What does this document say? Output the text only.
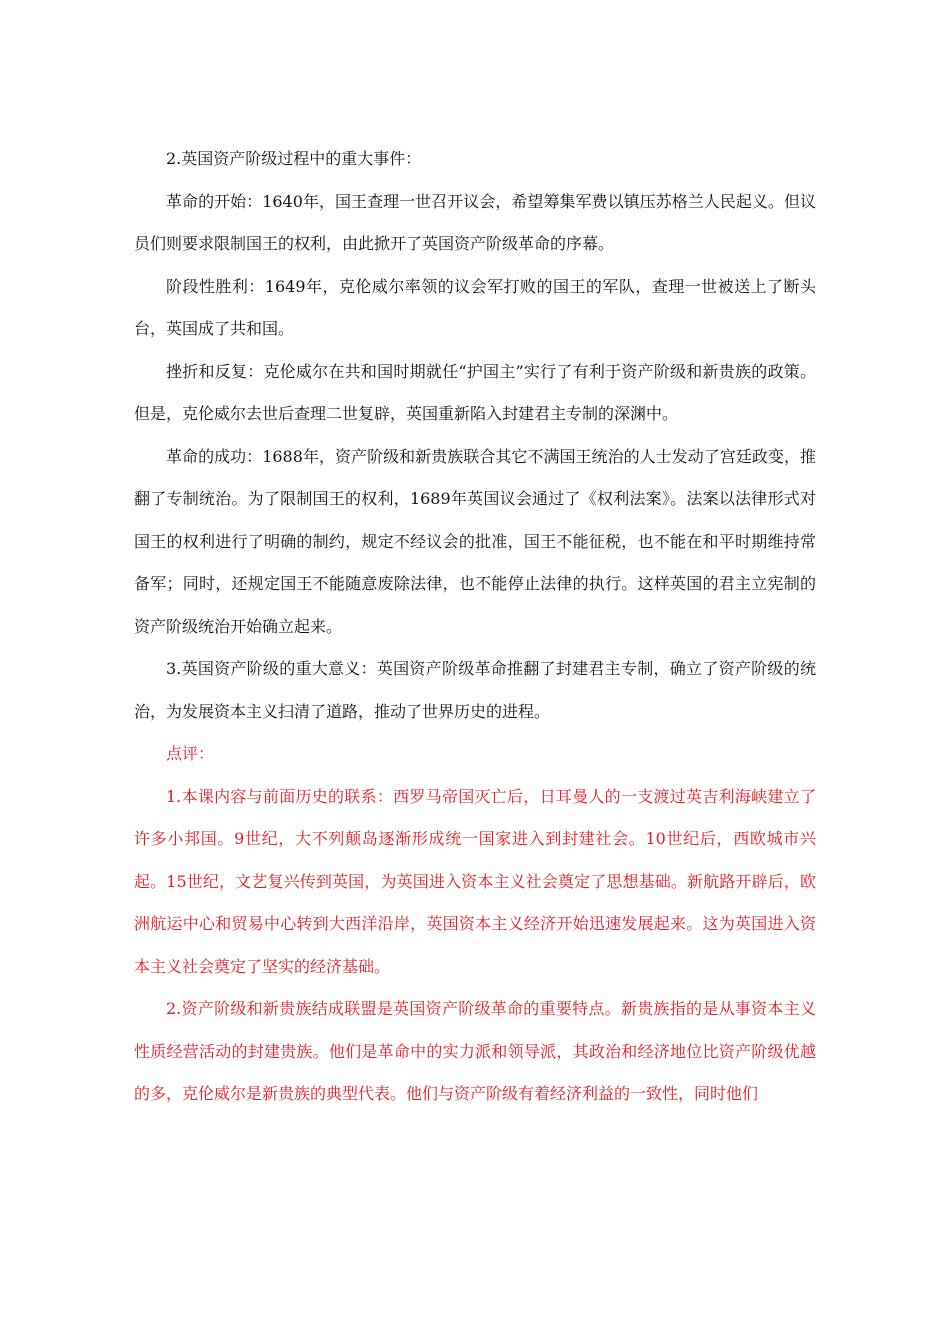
2.英国资产阶级过程中的重大事件：

革命的开始：1640年，国王查理一世召开议会，希望筹集军费以镇压苏格兰人民起义。但议员们则要求限制国王的权利，由此掀开了英国资产阶级革命的序幕。

阶段性胜利：1649年，克伦威尔率领的议会军打败的国王的军队，查理一世被送上了断头台，英国成了共和国。

挫折和反复：克伦威尔在共和国时期就任“护国主”实行了有利于资产阶级和新贵族的政策。但是，克伦威尔去世后查理二世复辟，英国重新陷入封建君主专制的深渊中。

革命的成功：1688年，资产阶级和新贵族联合其它不满国王统治的人士发动了宫廷政变，推翻了专制统治。为了限制国王的权利，1689年英国议会通过了《权利法案》。法案以法律形式对国王的权利进行了明确的制约，规定不经议会的批准，国王不能征税，也不能在和平时期维持常备军；同时，还规定国王不能随意废除法律，也不能停止法律的执行。这样英国的君主立宪制的资产阶级统治开始确立起来。

3.英国资产阶级的重大意义：英国资产阶级革命推翻了封建君主专制，确立了资产阶级的统治，为发展资本主义扫清了道路，推动了世界历史的进程。

点评：

1.本课内容与前面历史的联系：西罗马帝国灭亡后，日耳曼人的一支渡过英吉利海峡建立了许多小邦国。9世纪，大不列颠岛逐渐形成统一国家进入到封建社会。10世纪后，西欧城市兴起。15世纪，文艺复兴传到英国，为英国进入资本主义社会奠定了思想基础。新航路开辟后，欧洲航运中心和贸易中心转到大西洋沿岸，英国资本主义经济开始迅速发展起来。这为英国进入资本主义社会奠定了坚实的经济基础。

2.资产阶级和新贵族结成联盟是英国资产阶级革命的重要特点。新贵族指的是从事资本主义性质经营活动的封建贵族。他们是革命中的实力派和领导派，其政治和经济地位比资产阶级优越的多，克伦威尔是新贵族的典型代表。他们与资产阶级有着经济利益的一致性，同时他们
